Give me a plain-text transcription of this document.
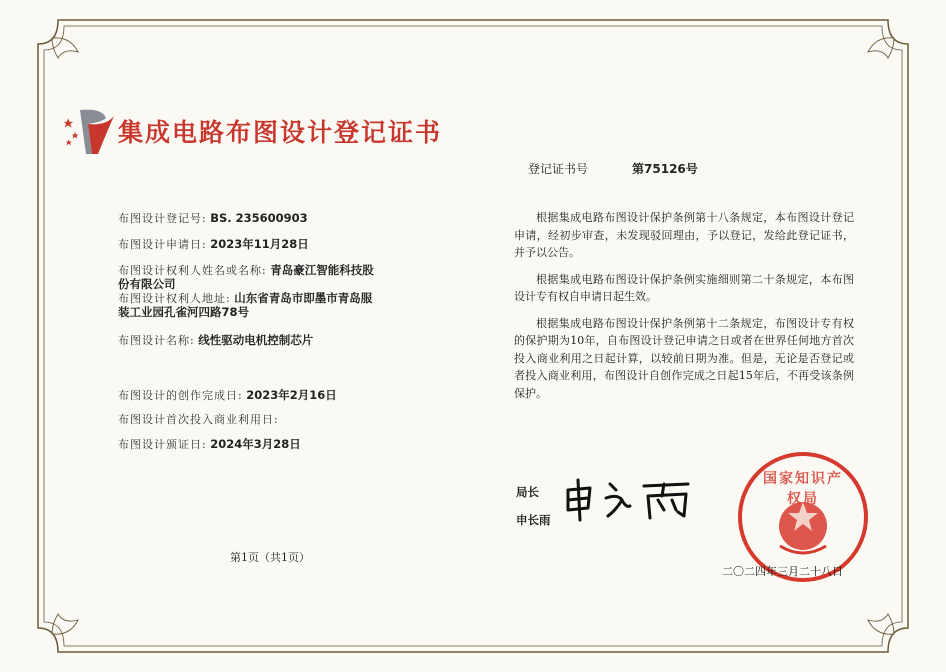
集成电路布图设计登记证书
登记证书号	第75126号
布图设计登记号: BS. 235600903
布图设计申请日: 2023年11月28日
布图设计权利人姓名或名称: 青岛豪江智能科技股
份有限公司
布图设计权利人地址: 山东省青岛市即墨市青岛服
装工业园孔雀河四路78号
布图设计名称: 线性驱动电机控制芯片
布图设计的创作完成日: 2023年2月16日
布图设计首次投入商业利用日:
布图设计颁证日: 2024年3月28日

根据集成电路布图设计保护条例第十八条规定，本布图设计登记申请，经初步审查，未发现驳回理由，予以登记，发给此登记证书，并予以公告。

根据集成电路布图设计保护条例实施细则第二十条规定，本布图设计专有权自申请日起生效。

根据集成电路布图设计保护条例第十二条规定，布图设计专有权的保护期为10年，自布图设计登记申请之日或者在世界任何地方首次投入商业利用之日起计算，以较前日期为准。但是，无论是否登记或者投入商业利用，布图设计自创作完成之日起15年后，不再受该条例保护。

局长
申长雨
国家知识产权局
二〇二四年三月二十八日
第1页（共1页）
